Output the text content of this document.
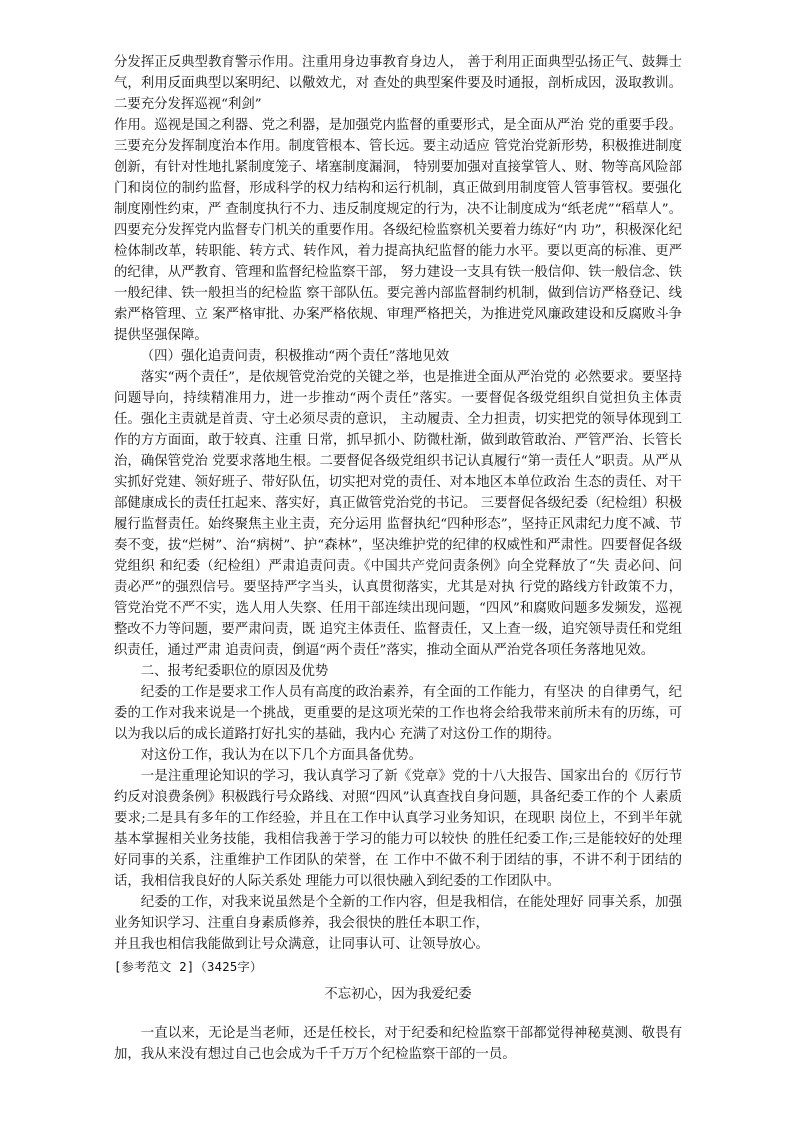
分发挥正反典型教育警示作用。注重用身边事教育身边人， 善于利用正面典型弘扬正气、鼓舞士气，利用反面典型以案明纪、以儆效尤，对 查处的典型案件要及时通报，剖析成因，汲取教训。二要充分发挥巡视“利剑”

作用。巡视是国之利器、党之利器，是加强党内监督的重要形式，是全面从严治 党的重要手段。三要充分发挥制度治本作用。制度管根本、管长远。要主动适应 管党治党新形势，积极推进制度创新，有针对性地扎紧制度笼子、堵塞制度漏洞， 特别要加强对直接掌管人、财、物等高风险部门和岗位的制约监督，形成科学的权力结构和运行机制，真正做到用制度管人管事管权。要强化制度刚性约束，严 查制度执行不力、违反制度规定的行为，决不让制度成为“纸老虎”“稻草人”。 四要充分发挥党内监督专门机关的重要作用。各级纪检监察机关要着力练好“内 功”，积极深化纪检体制改革，转职能、转方式、转作风，着力提高执纪监督的能力水平。要以更高的标准、更严的纪律，从严教育、管理和监督纪检监察干部， 努力建设一支具有铁一般信仰、铁一般信念、铁一般纪律、铁一般担当的纪检监 察干部队伍。要完善内部监督制约机制，做到信访严格登记、线索严格管理、立 案严格审批、办案严格依规、审理严格把关，为推进党风廉政建设和反腐败斗争 提供坚强保障。

（四）强化追责问责，积极推动“两个责任”落地见效

落实“两个责任”，是依规管党治党的关键之举，也是推进全面从严治党的 必然要求。要坚持问题导向，持续精准用力，进一步推动“两个责任”落实。一要督促各级党组织自觉担负主体责任。强化主责就是首责、守土必须尽责的意识， 主动履责、全力担责，切实把党的领导体现到工作的方方面面，敢于较真、注重 日常，抓早抓小、防微杜渐，做到敢管敢治、严管严治、长管长治，确保管党治 党要求落地生根。二要督促各级党组织书记认真履行“第一责任人”职责。从严从实抓好党建、领好班子、带好队伍，切实把对党的责任、对本地区本单位政治 生态的责任、对干部健康成长的责任扛起来、落实好，真正做管党治党的书记。 三要督促各级纪委（纪检组）积极履行监督责任。始终聚焦主业主责，充分运用 监督执纪“四种形态”，坚持正风肃纪力度不减、节奏不变，拔“烂树”、治“病树”、护“森林”，坚决维护党的纪律的权威性和严肃性。四要督促各级党组织 和纪委（纪检组）严肃追责问责。《中国共产党问责条例》向全党释放了“失 责必问、问责必严”的强烈信号。要坚持严字当头，认真贯彻落实，尤其是对执 行党的路线方针政策不力，管党治党不严不实，选人用人失察、任用干部连续出现问题，“四风”和腐败问题多发频发，巡视整改不力等问题，要严肃问责，既 追究主体责任、监督责任，又上查一级，追究领导责任和党组织责任，通过严肃 追责问责，倒逼“两个责任”落实，推动全面从严治党各项任务落地见效。

二、报考纪委职位的原因及优势

纪委的工作是要求工作人员有高度的政治素养，有全面的工作能力，有坚决 的自律勇气，纪委的工作对我来说是一个挑战，更重要的是这项光荣的工作也将会给我带来前所未有的历练，可以为我以后的成长道路打好扎实的基础，我内心 充满了对这份工作的期待。

对这份工作，我认为在以下几个方面具备优势。

一是注重理论知识的学习，我认真学习了新《党章》党的十八大报告、国家出台的《厉行节约反对浪费条例》积极践行号众路线、对照“四风”认真查找自身问题，具备纪委工作的个 人素质要求;二是具有多年的工作经验，并且在工作中认真学习业务知识，在现职 岗位上，不到半年就基本掌握相关业务技能，我相信我善于学习的能力可以较快 的胜任纪委工作;三是能较好的处理好同事的关系，注重维护工作团队的荣誉，在 工作中不做不利于团结的事，不讲不利于团结的话，我相信我良好的人际关系处 理能力可以很快融入到纪委的工作团队中。

纪委的工作，对我来说虽然是个全新的工作内容，但是我相信，在能处理好 同事关系，加强业务知识学习、注重自身素质修养，我会很快的胜任本职工作，

并且我也相信我能做到让号众满意，让同事认可、让领导放心。

[参考范文 2]（3425字）

不忘初心，因为我爱纪委

一直以来，无论是当老师，还是任校长，对于纪委和纪检监察干部都觉得神秘莫测、敬畏有加，我从来没有想过自己也会成为千千万万个纪检监察干部的一员。
